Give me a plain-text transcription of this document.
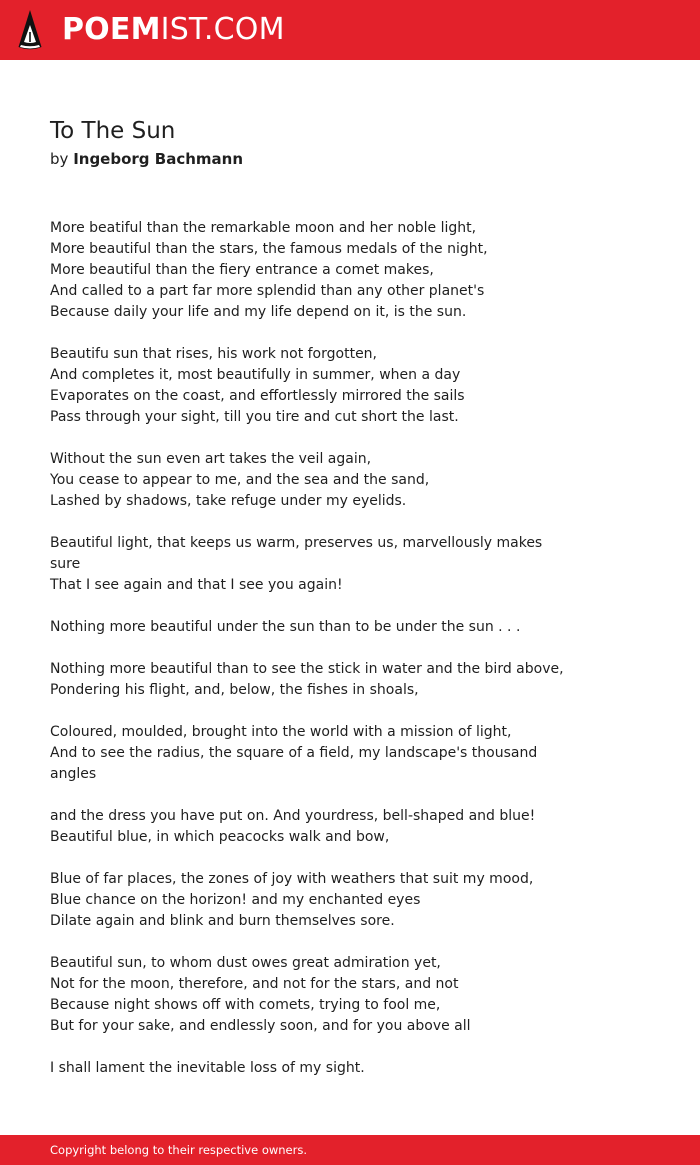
POEMIST.COM
To The Sun
by Ingeborg Bachmann
More beatiful than the remarkable moon and her noble light,
More beautiful than the stars, the famous medals of the night,
More beautiful than the fiery entrance a comet makes,
And called to a part far more splendid than any other planet's
Because daily your life and my life depend on it, is the sun.
Beautifu sun that rises, his work not forgotten,
And completes it, most beautifully in summer, when a day
Evaporates on the coast, and effortlessly mirrored the sails
Pass through your sight, till you tire and cut short the last.
Without the sun even art takes the veil again,
You cease to appear to me, and the sea and the sand,
Lashed by shadows, take refuge under my eyelids.
Beautiful light, that keeps us warm, preserves us, marvellously makes sure
That I see again and that I see you again!
Nothing more beautiful under the sun than to be under the sun . . .
Nothing more beautiful than to see the stick in water and the bird above,
Pondering his flight, and, below, the fishes in shoals,
Coloured, moulded, brought into the world with a mission of light,
And to see the radius, the square of a field, my landscape's thousand angles
and the dress you have put on. And yourdress, bell-shaped and blue!
Beautiful blue, in which peacocks walk and bow,
Blue of far places, the zones of joy with weathers that suit my mood,
Blue chance on the horizon! and my enchanted eyes
Dilate again and blink and burn themselves sore.
Beautiful sun, to whom dust owes great admiration yet,
Not for the moon, therefore, and not for the stars, and not
Because night shows off with comets, trying to fool me,
But for your sake, and endlessly soon, and for you above all
I shall lament the inevitable loss of my sight.
Copyright belong to their respective owners.
